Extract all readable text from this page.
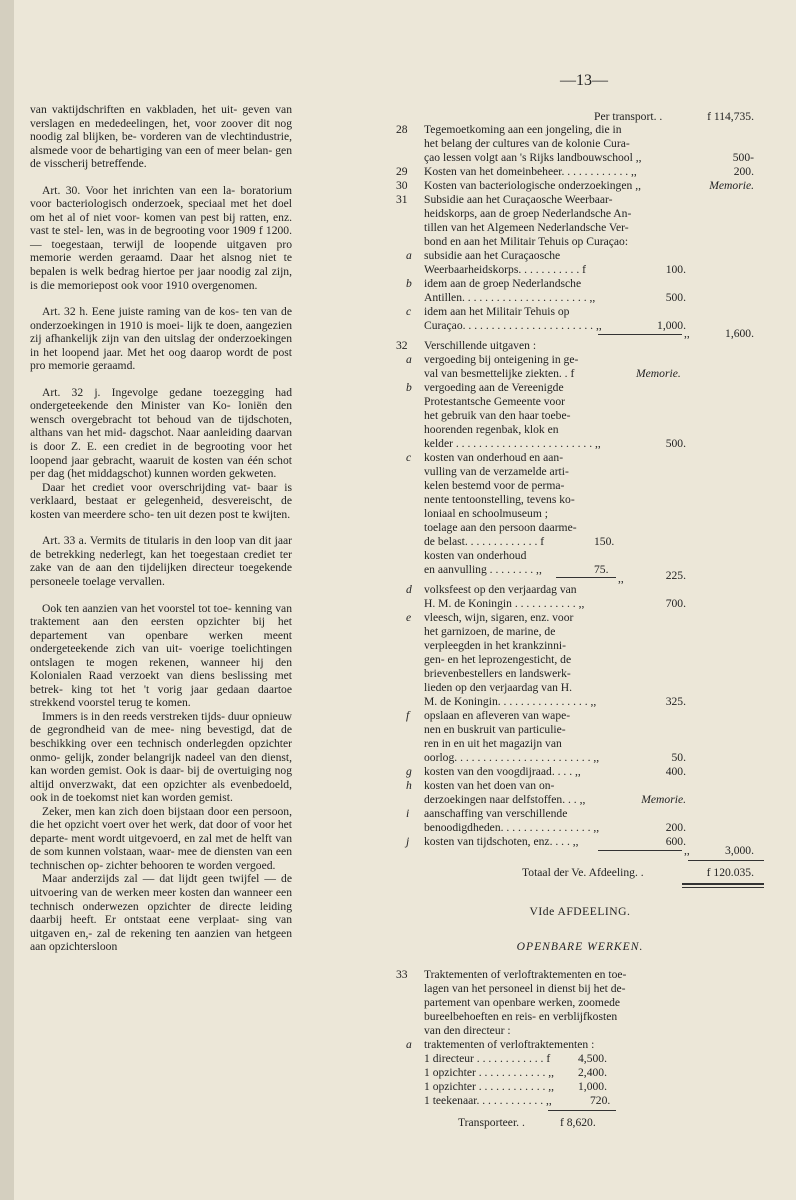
—13—

van vaktijdschriften en vakbladen, het uit- geven van verslagen en mededeelingen, het, voor zoover dit nog noodig zal blijken, be- vorderen van de vlechtindustrie, alsmede voor de behartiging van een of meer belan- gen de visscherij betreffende.

Art. 30. Voor het inrichten van een la- boratorium voor bacteriologisch onderzoek, speciaal met het doel om het al of niet voor- komen van pest bij ratten, enz. vast te stel- len, was in de begrooting voor 1909 f 1200.— toegestaan, terwijl de loopende uitgaven pro memorie werden geraamd. Daar het alsnog niet te bepalen is welk bedrag hiertoe per jaar noodig zal zijn, is die memoriepost ook voor 1910 overgenomen.

Art. 32 h. Eene juiste raming van de kos- ten van de onderzoekingen in 1910 is moei- lijk te doen, aangezien zij afhankelijk zijn van den uitslag der onderzoekingen in het loopend jaar. Met het oog daarop wordt de post pro memorie geraamd.

Art. 32 j. Ingevolge gedane toezegging had ondergeteekende den Minister van Ko- loniën den wensch overgebracht tot behoud van de tijdschoten, althans van het mid- dagschot. Naar aanleiding daarvan is door Z. E. een crediet in de begrooting voor het loopend jaar gebracht, waaruit de kosten van één schot per dag (het middagschot) kunnen worden gekweten.

Daar het crediet voor overschrijding vat- baar is verklaard, bestaat er gelegenheid, desvereischt, de kosten van meerdere scho- ten uit dezen post te kwijten.

Art. 33 a. Vermits de titularis in den loop van dit jaar de betrekking nederlegt, kan het toegestaan crediet ter zake van de aan den tijdelijken directeur toegekende personeele toelage vervallen.

Ook ten aanzien van het voorstel tot toe- kenning van traktement aan den eersten opzichter bij het departement van openbare werken meent ondergeteekende zich van uit- voerige toelichtingen ontslagen te mogen rekenen, wanneer hij den Kolonialen Raad verzoekt van diens beslissing met betrek- king tot het 't vorig jaar gedaan daartoe strekkend voorstel terug te komen.

Immers is in den reeds verstreken tijds- duur opnieuw de gegrondheid van de mee- ning bevestigd, dat de beschikking over een technisch onderlegden opzichter onmo- gelijk, zonder belangrijk nadeel van den dienst, kan worden gemist. Ook is daar- bij de overtuiging nog altijd onverzwakt, dat een opzichter als evenbedoeld, ook in de toekomst niet kan worden gemist.

Zeker, men kan zich doen bijstaan door een persoon, die het opzicht voert over het werk, dat door of voor het departe- ment wordt uitgevoerd, en zal met de helft van de som kunnen volstaan, waar- mee de diensten van een technischen op- zichter behooren te worden vergoed.

Maar anderzijds zal — dat lijdt geen twijfel — de uitvoering van de werken meer kosten dan wanneer een technisch onderwezen opzichter de directe leiding daarbij heeft. Er ontstaat eene verplaat- sing van uitgaven en,- zal de rekening ten aanzien van hetgeen aan opzichtersloon

Per transport. .	f 114,735.
28	Tegemoetkoming aan een jongeling, die in
het belang der cultures van de kolonie Cura-
çao lessen volgt aan 's Rijks landbouwschool ,,	500-
29	Kosten van het domeinbeheer. . . . . . . . . . . . ,,	200.
30	Kosten van bacteriologische onderzoekingen ,,	Memorie.
31	Subsidie aan het Curaçaosche Weerbaar-
heidskorps, aan de groep Nederlandsche An-
tillen van het Algemeen Nederlandsche Ver-
bond en aan het Militair Tehuis op Curaçao:
a subsidie aan het Curaçaosche
Weerbaarheidskorps. . . . . . . . . . . f	100.
b idem aan de groep Nederlandsche
Antillen. . . . . . . . . . . . . . . . . . . . . . ,,	500.
c idem aan het Militair Tehuis op
Curaçao. . . . . . . . . . . . . . . . . . . . . . . ,,	1,000.
,,	1,600.
32	Verschillende uitgaven :
a vergoeding bij onteigening in ge-
val van besmettelijke ziekten. . f	Memorie.
b vergoeding aan de Vereenigde
Protestantsche Gemeente voor
het gebruik van den haar toebe-
hoorenden regenbak, klok en
kelder . . . . . . . . . . . . . . . . . . . . . . . . ,,	500.
c kosten van onderhoud en aan-
vulling van de verzamelde arti-
kelen bestemd voor de perma-
nente tentoonstelling, tevens ko-
loniaal en schoolmuseum ;
toelage aan den persoon daarme-
de belast. . . . . . . . . . . . . f	150.
kosten van onderhoud
en aanvulling . . . . . . . . ,,	75.
,,	225.
d volksfeest op den verjaardag van
H. M. de Koningin . . . . . . . . . . . ,,	700.
e vleesch, wijn, sigaren, enz. voor
het garnizoen, de marine, de
verpleegden in het krankzinni-
gen- en het leprozengesticht, de
brievenbestellers en landswerk-
lieden op den verjaardag van H.
M. de Koningin. . . . . . . . . . . . . . . . ,,	325.
f opslaan en afleveren van wape-
nen en buskruit van particulie-
ren in en uit het magazijn van
oorlog. . . . . . . . . . . . . . . . . . . . . . . . ,,	50.
g kosten van den voogdijraad. . . . ,,	400.
h kosten van het doen van on-
derzoekingen naar delfstoffen. . . ,,	Memorie.
i aanschaffing van verschillende
benoodigdheden. . . . . . . . . . . . . . . . ,,	200.
j kosten van tijdschoten, enz. . . . ,,	600.
,,	3,000.
Totaal der Ve. Afdeeling. .	f 120.035.
VIde AFDEELING.
OPENBARE WERKEN.
33	Traktementen of verloftraktementen en toe-
lagen van het personeel in dienst bij het de-
partement van openbare werken, zoomede
bureelbehoeften en reis- en verblijfkosten
van den directeur :
a traktementen of verloftraktementen :
1 directeur . . . . . . . . . . . . f 4,500.
1 opzichter . . . . . . . . . . . . ,, 2,400.
1 opzichter . . . . . . . . . . . . ,, 1,000.
1 teekenaar. . . . . . . . . . . . ,,	720.
Transporteer. .	f 8,620.
